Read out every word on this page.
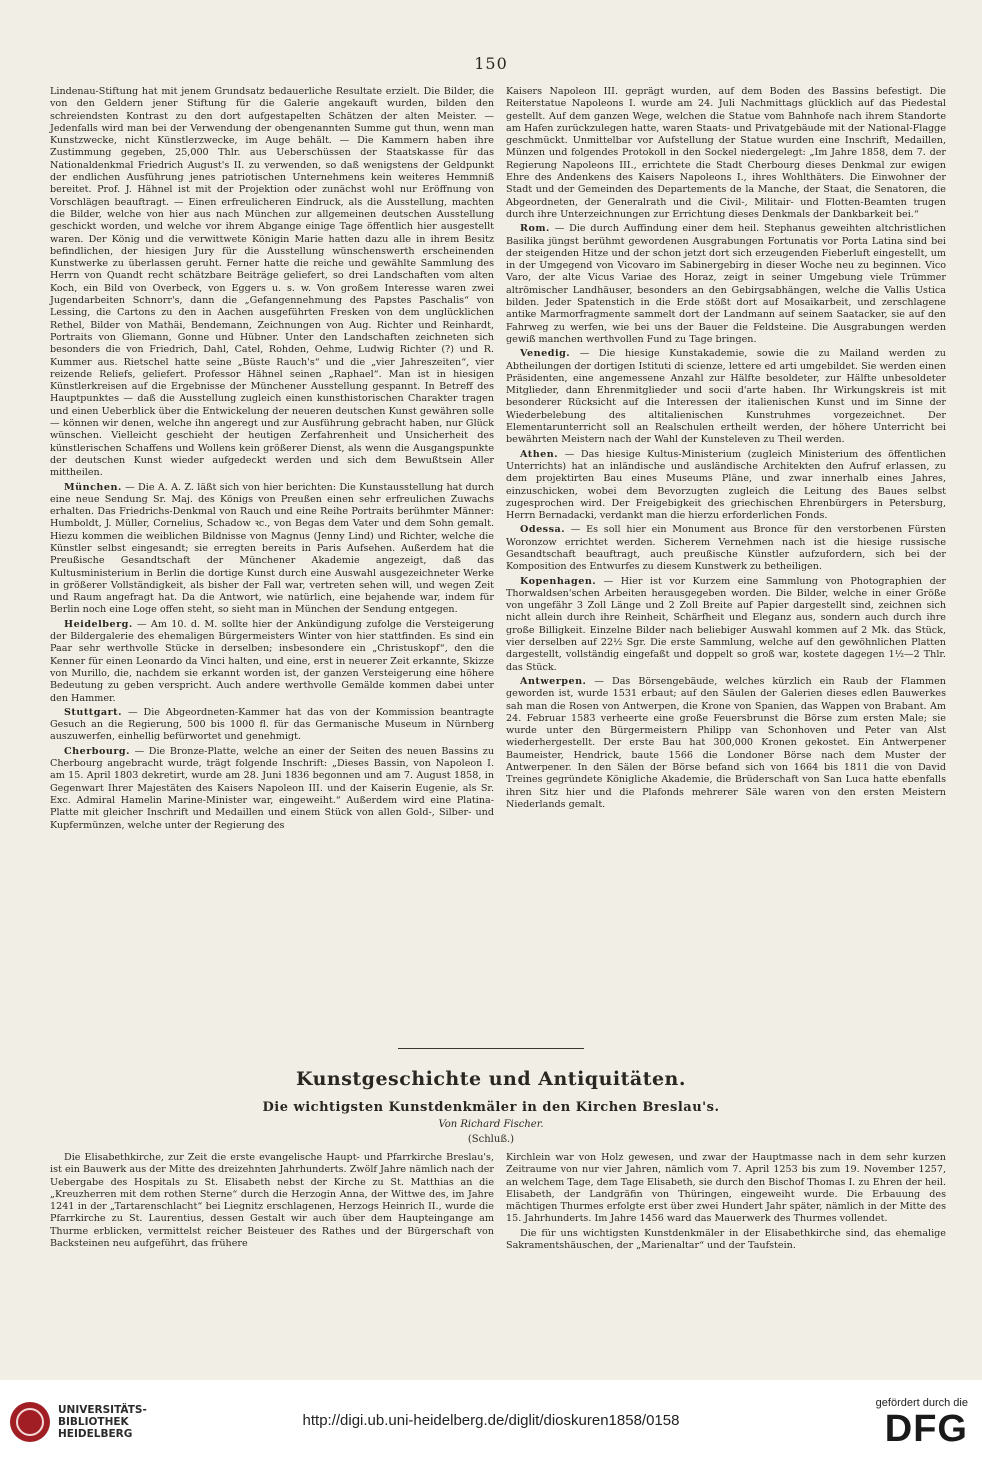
150

Lindenau-Stiftung hat mit jenem Grundsatz bedauerliche Resultate erzielt. Die Bilder, die von den Geldern jener Stiftung für die Galerie angekauft wurden, bilden den schreiendsten Kontrast zu den dort aufgestapelten Schätzen der alten Meister. — Jedenfalls wird man bei der Verwendung der obengenannten Summe gut thun, wenn man Kunstzwecke, nicht Künstlerzwecke, im Auge behält. — Die Kammern haben ihre Zustimmung gegeben, 25,000 Thlr. aus Ueberschüssen der Staatskasse für das Nationaldenkmal Friedrich August's II. zu verwenden, so daß wenigstens der Geldpunkt der endlichen Ausführung jenes patriotischen Unternehmens kein weiteres Hemmniß bereitet. Prof. J. Hähnel ist mit der Projektion oder zunächst wohl nur Eröffnung von Vorschlägen beauftragt. — Einen erfreulicheren Eindruck, als die Ausstellung, machten die Bilder, welche von hier aus nach München zur allgemeinen deutschen Ausstellung geschickt worden, und welche vor ihrem Abgange einige Tage öffentlich hier ausgestellt waren. Der König und die verwittwete Königin Marie hatten dazu alle in ihrem Besitz befindlichen, der hiesigen Jury für die Ausstellung wünschenswerth erscheinenden Kunstwerke zu überlassen geruht. Ferner hatte die reiche und gewählte Sammlung des Herrn von Quandt recht schätzbare Beiträge geliefert, so drei Landschaften vom alten Koch, ein Bild von Overbeck, von Eggers u. s. w. Von großem Interesse waren zwei Jugendarbeiten Schnorr's, dann die „Gefangennehmung des Papstes Paschalis“ von Lessing, die Cartons zu den in Aachen ausgeführten Fresken von dem unglücklichen Rethel, Bilder von Mathäi, Bendemann, Zeichnungen von Aug. Richter und Reinhardt, Portraits von Gliemann, Gonne und Hübner. Unter den Landschaften zeichneten sich besonders die von Friedrich, Dahl, Catel, Rohden, Oehme, Ludwig Richter (?) und R. Kummer aus. Rietschel hatte seine „Büste Rauch's“ und die „vier Jahreszeiten“, vier reizende Reliefs, geliefert. Professor Hähnel seinen „Raphael“. Man ist in hiesigen Künstlerkreisen auf die Ergebnisse der Münchener Ausstellung gespannt. In Betreff des Hauptpunktes — daß die Ausstellung zugleich einen kunsthistorischen Charakter tragen und einen Ueberblick über die Entwickelung der neueren deutschen Kunst gewähren solle — können wir denen, welche ihn angeregt und zur Ausführung gebracht haben, nur Glück wünschen. Vielleicht geschieht der heutigen Zerfahrenheit und Unsicherheit des künstlerischen Schaffens und Wollens kein größerer Dienst, als wenn die Ausgangspunkte der deutschen Kunst wieder aufgedeckt werden und sich dem Bewußtsein Aller mittheilen.

München. — Die A. A. Z. läßt sich von hier berichten: Die Kunstausstellung hat durch eine neue Sendung Sr. Maj. des Königs von Preußen einen sehr erfreulichen Zuwachs erhalten. Das Friedrichs-Denkmal von Rauch und eine Reihe Portraits berühmter Männer: Humboldt, J. Müller, Cornelius, Schadow ꝛc., von Begas dem Vater und dem Sohn gemalt. Hiezu kommen die weiblichen Bildnisse von Magnus (Jenny Lind) und Richter, welche die Künstler selbst eingesandt; sie erregten bereits in Paris Aufsehen. Außerdem hat die Preußische Gesandtschaft der Münchener Akademie angezeigt, daß das Kultusministerium in Berlin die dortige Kunst durch eine Auswahl ausgezeichneter Werke in größerer Vollständigkeit, als bisher der Fall war, vertreten sehen will, und wegen Zeit und Raum angefragt hat. Da die Antwort, wie natürlich, eine bejahende war, indem für Berlin noch eine Loge offen steht, so sieht man in München der Sendung entgegen.

Heidelberg. — Am 10. d. M. sollte hier der Ankündigung zufolge die Versteigerung der Bildergalerie des ehemaligen Bürgermeisters Winter von hier stattfinden. Es sind ein Paar sehr werthvolle Stücke in derselben; insbesondere ein „Christuskopf“, den die Kenner für einen Leonardo da Vinci halten, und eine, erst in neuerer Zeit erkannte, Skizze von Murillo, die, nachdem sie erkannt worden ist, der ganzen Versteigerung eine höhere Bedeutung zu geben verspricht. Auch andere werthvolle Gemälde kommen dabei unter den Hammer.

Stuttgart. — Die Abgeordneten-Kammer hat das von der Kommission beantragte Gesuch an die Regierung, 500 bis 1000 fl. für das Germanische Museum in Nürnberg auszuwerfen, einhellig befürwortet und genehmigt.

Cherbourg. — Die Bronze-Platte, welche an einer der Seiten des neuen Bassins zu Cherbourg angebracht wurde, trägt folgende Inschrift: „Dieses Bassin, von Napoleon I. am 15. April 1803 dekretirt, wurde am 28. Juni 1836 begonnen und am 7. August 1858, in Gegenwart Ihrer Majestäten des Kaisers Napoleon III. und der Kaiserin Eugenie, als Sr. Exc. Admiral Hamelin Marine-Minister war, eingeweiht.“ Außerdem wird eine Platina-Platte mit gleicher Inschrift und Medaillen und einem Stück von allen Gold-, Silber- und Kupfermünzen, welche unter der Regierung des

Kaisers Napoleon III. geprägt wurden, auf dem Boden des Bassins befestigt. Die Reiterstatue Napoleons I. wurde am 24. Juli Nachmittags glücklich auf das Piedestal gestellt. Auf dem ganzen Wege, welchen die Statue vom Bahnhofe nach ihrem Standorte am Hafen zurückzulegen hatte, waren Staats- und Privatgebäude mit der National-Flagge geschmückt. Unmittelbar vor Aufstellung der Statue wurden eine Inschrift, Medaillen, Münzen und folgendes Protokoll in den Sockel niedergelegt: „Im Jahre 1858, dem 7. der Regierung Napoleons III., errichtete die Stadt Cherbourg dieses Denkmal zur ewigen Ehre des Andenkens des Kaisers Napoleons I., ihres Wohlthäters. Die Einwohner der Stadt und der Gemeinden des Departements de la Manche, der Staat, die Senatoren, die Abgeordneten, der Generalrath und die Civil-, Militair- und Flotten-Beamten trugen durch ihre Unterzeichnungen zur Errichtung dieses Denkmals der Dankbarkeit bei.“

Rom. — Die durch Auffindung einer dem heil. Stephanus geweihten altchristlichen Basilika jüngst berühmt gewordenen Ausgrabungen Fortunatis vor Porta Latina sind bei der steigenden Hitze und der schon jetzt dort sich erzeugenden Fieberluft eingestellt, um in der Umgegend von Vicovaro im Sabinergebirg in dieser Woche neu zu beginnen. Vico Varo, der alte Vicus Variae des Horaz, zeigt in seiner Umgebung viele Trümmer altrömischer Landhäuser, besonders an den Gebirgsabhängen, welche die Vallis Ustica bilden. Jeder Spatenstich in die Erde stößt dort auf Mosaikarbeit, und zerschlagene antike Marmorfragmente sammelt dort der Landmann auf seinem Saatacker, sie auf den Fahrweg zu werfen, wie bei uns der Bauer die Feldsteine. Die Ausgrabungen werden gewiß manchen werthvollen Fund zu Tage bringen.

Venedig. — Die hiesige Kunstakademie, sowie die zu Mailand werden zu Abtheilungen der dortigen Istituti di scienze, lettere ed arti umgebildet. Sie werden einen Präsidenten, eine angemessene Anzahl zur Hälfte besoldeter, zur Hälfte unbesoldeter Mitglieder, dann Ehrenmitglieder und socii d'arte haben. Ihr Wirkungskreis ist mit besonderer Rücksicht auf die Interessen der italienischen Kunst und im Sinne der Wiederbelebung des altitalienischen Kunstruhmes vorgezeichnet. Der Elementarunterricht soll an Realschulen ertheilt werden, der höhere Unterricht bei bewährten Meistern nach der Wahl der Kunsteleven zu Theil werden.

Athen. — Das hiesige Kultus-Ministerium (zugleich Ministerium des öffentlichen Unterrichts) hat an inländische und ausländische Architekten den Aufruf erlassen, zu dem projektirten Bau eines Museums Pläne, und zwar innerhalb eines Jahres, einzuschicken, wobei dem Bevorzugten zugleich die Leitung des Baues selbst zugesprochen wird. Der Freigebigkeit des griechischen Ehrenbürgers in Petersburg, Herrn Bernadacki, verdankt man die hierzu erforderlichen Fonds.

Odessa. — Es soll hier ein Monument aus Bronce für den verstorbenen Fürsten Woronzow errichtet werden. Sicherem Vernehmen nach ist die hiesige russische Gesandtschaft beauftragt, auch preußische Künstler aufzufordern, sich bei der Komposition des Entwurfes zu diesem Kunstwerk zu betheiligen.

Kopenhagen. — Hier ist vor Kurzem eine Sammlung von Photographien der Thorwaldsen'schen Arbeiten herausgegeben worden. Die Bilder, welche in einer Größe von ungefähr 3 Zoll Länge und 2 Zoll Breite auf Papier dargestellt sind, zeichnen sich nicht allein durch ihre Reinheit, Schärfheit und Eleganz aus, sondern auch durch ihre große Billigkeit. Einzelne Bilder nach beliebiger Auswahl kommen auf 2 Mk. das Stück, vier derselben auf 22½ Sgr. Die erste Sammlung, welche auf den gewöhnlichen Platten dargestellt, vollständig eingefaßt und doppelt so groß war, kostete dagegen 1½—2 Thlr. das Stück.

Antwerpen. — Das Börsengebäude, welches kürzlich ein Raub der Flammen geworden ist, wurde 1531 erbaut; auf den Säulen der Galerien dieses edlen Bauwerkes sah man die Rosen von Antwerpen, die Krone von Spanien, das Wappen von Brabant. Am 24. Februar 1583 verheerte eine große Feuersbrunst die Börse zum ersten Male; sie wurde unter den Bürgermeistern Philipp van Schonhoven und Peter van Alst wiederhergestellt. Der erste Bau hat 300,000 Kronen gekostet. Ein Antwerpener Baumeister, Hendrick, baute 1566 die Londoner Börse nach dem Muster der Antwerpener. In den Sälen der Börse befand sich von 1664 bis 1811 die von David Treines gegründete Königliche Akademie, die Brüderschaft von San Luca hatte ebenfalls ihren Sitz hier und die Plafonds mehrerer Säle waren von den ersten Meistern Niederlands gemalt.

Kunstgeschichte und Antiquitäten.
Die wichtigsten Kunstdenkmäler in den Kirchen Breslau's.
Von Richard Fischer.
(Schluß.)

Die Elisabethkirche, zur Zeit die erste evangelische Haupt- und Pfarrkirche Breslau's, ist ein Bauwerk aus der Mitte des dreizehnten Jahrhunderts. Zwölf Jahre nämlich nach der Uebergabe des Hospitals zu St. Elisabeth nebst der Kirche zu St. Matthias an die „Kreuzherren mit dem rothen Sterne“ durch die Herzogin Anna, der Wittwe des, im Jahre 1241 in der „Tartarenschlacht“ bei Liegnitz erschlagenen, Herzogs Heinrich II., wurde die Pfarrkirche zu St. Laurentius, dessen Gestalt wir auch über dem Haupteingange am Thurme erblicken, vermittelst reicher Beisteuer des Rathes und der Bürgerschaft von Backsteinen neu aufgeführt, das frühere

Kirchlein war von Holz gewesen, und zwar der Hauptmasse nach in dem sehr kurzen Zeitraume von nur vier Jahren, nämlich vom 7. April 1253 bis zum 19. November 1257, an welchem Tage, dem Tage Elisabeth, sie durch den Bischof Thomas I. zu Ehren der heil. Elisabeth, der Landgräfin von Thüringen, eingeweiht wurde. Die Erbauung des mächtigen Thurmes erfolgte erst über zwei Hundert Jahr später, nämlich in der Mitte des 15. Jahrhunderts. Im Jahre 1456 ward das Mauerwerk des Thurmes vollendet.

Die für uns wichtigsten Kunstdenkmäler in der Elisabethkirche sind, das ehemalige Sakramentshäuschen, der „Marienaltar“ und der Taufstein.

UNIVERSITÄTS-
BIBLIOTHEK
HEIDELBERG
http://digi.ub.uni-heidelberg.de/diglit/dioskuren1858/0158
gefördert durch die
DFG
